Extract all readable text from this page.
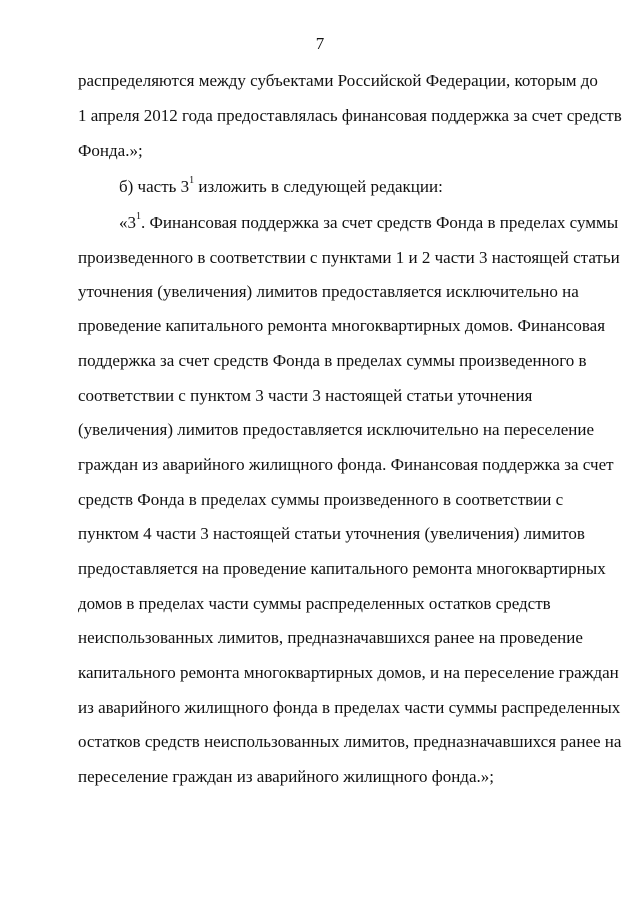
7
распределяются между субъектами Российской Федерации, которым до
1 апреля 2012 года предоставлялась финансовая поддержка за счет средств
Фонда.»;
б) часть $3^1$ изложить в следующей редакции:
«$3^1$. Финансовая поддержка за счет средств Фонда в пределах суммы
произведенного в соответствии с пунктами 1 и 2 части 3 настоящей статьи
уточнения (увеличения) лимитов предоставляется исключительно на
проведение капитального ремонта многоквартирных домов. Финансовая
поддержка за счет средств Фонда в пределах суммы произведенного в
соответствии с пунктом 3 части 3 настоящей статьи уточнения
(увеличения) лимитов предоставляется исключительно на переселение
граждан из аварийного жилищного фонда. Финансовая поддержка за счет
средств Фонда в пределах суммы произведенного в соответствии с
пунктом 4 части 3 настоящей статьи уточнения (увеличения) лимитов
предоставляется на проведение капитального ремонта многоквартирных
домов в пределах части суммы распределенных остатков средств
неиспользованных лимитов, предназначавшихся ранее на проведение
капитального ремонта многоквартирных домов, и на переселение граждан
из аварийного жилищного фонда в пределах части суммы распределенных
остатков средств неиспользованных лимитов, предназначавшихся ранее на
переселение граждан из аварийного жилищного фонда.»;
